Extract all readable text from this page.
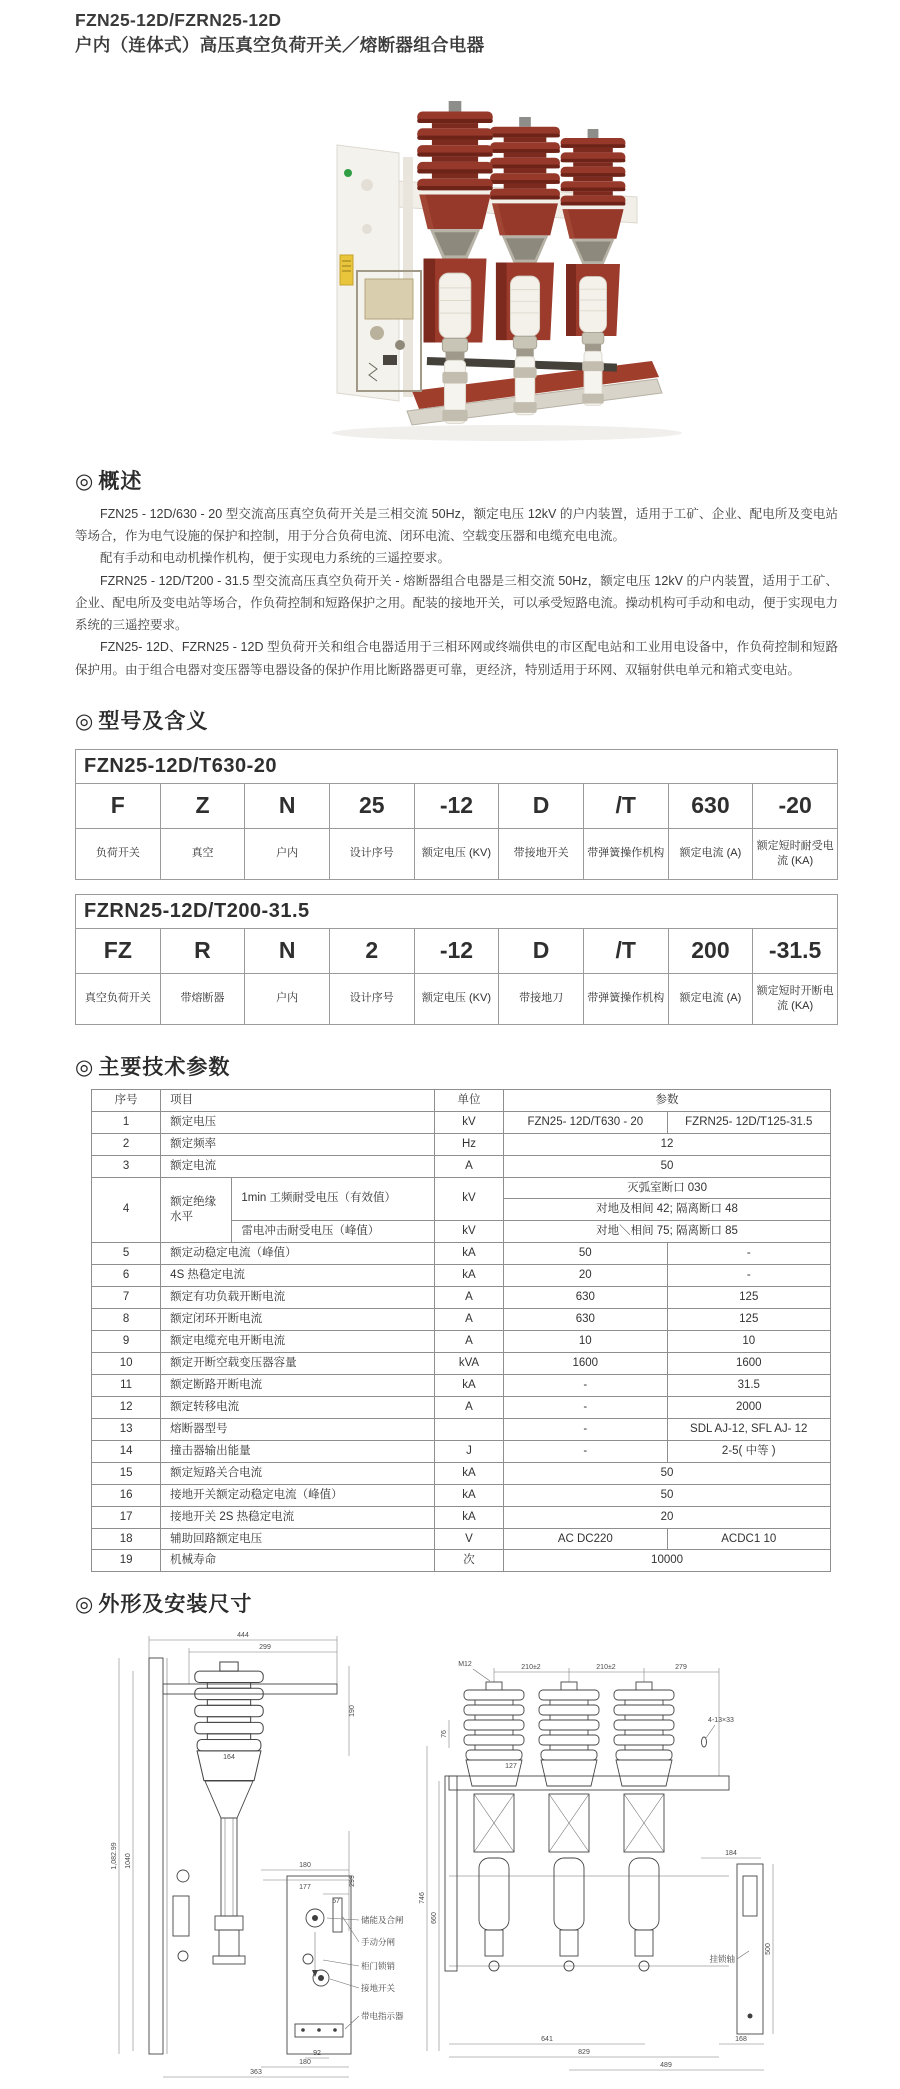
FZN25-12D/FZRN25-12D
户内（连体式）高压真空负荷开关／熔断器组合电器
◎ 概述

FZN25 - 12D/630 - 20 型交流高压真空负荷开关是三相交流 50Hz，额定电压 12kV 的户内装置，适用于工矿、企业、配电所及变电站等场合，作为电气设施的保护和控制，用于分合负荷电流、闭环电流、空载变压器和电缆充电电流。

配有手动和电动机操作机构，便于实现电力系统的三遥控要求。

FZRN25 - 12D/T200 - 31.5 型交流高压真空负荷开关 - 熔断器组合电器是三相交流 50Hz，额定电压 12kV 的户内装置，适用于工矿、企业、配电所及变电站等场合，作负荷控制和短路保护之用。配装的接地开关，可以承受短路电流。操动机构可手动和电动，便于实现电力系统的三遥控要求。

FZN25- 12D、FZRN25 - 12D 型负荷开关和组合电器适用于三相环网或终端供电的市区配电站和工业用电设备中，作负荷控制和短路保护用。由于组合电器对变压器等电器设备的保护作用比断路器更可靠，更经济，特别适用于环网、双辐射供电单元和箱式变电站。

◎ 型号及含义
FZN25-12D/T630-20								
F	Z	N	25	-12	D	/T	630	-20
负荷开关	真空	户内	设计序号	额定电压 (KV)	带接地开关	带弹簧操作机构	额定电流 (A)	额定短时耐受电流 (KA)
FZRN25-12D/T200-31.5								
FZ	R	N	2	-12	D	/T	200	-31.5
真空负荷开关	带熔断器	户内	设计序号	额定电压 (KV)	带接地刀	带弹簧操作机构	额定电流 (A)	额定短时开断电流 (KA)
◎ 主要技术参数
序号	项目		单位	参数	
1	额定电压		kV	FZN25- 12D/T630 - 20	FZRN25- 12D/T125-31.5
2	额定频率		Hz	12	
3	额定电流		A	50	
4	额定绝缘水平	1min 工频耐受电压（有效值）	kV	灭弧室断口 030	
				对地及相间 42; 隔离断口 48	
		雷电冲击耐受电压（峰值）	kV	对地＼相间 75; 隔离断口 85	
5	额定动稳定电流（峰值）		kA	50	-
6	4S 热稳定电流		kA	20	-
7	额定有功负载开断电流		A	630	125
8	额定闭环开断电流		A	630	125
9	额定电缆充电开断电流		A	10	10
10	额定开断空载变压器容量		kVA	1600	1600
11	额定断路开断电流		kA	-	31.5
12	额定转移电流		A	-	2000
13	熔断器型号			-	SDL AJ-12, SFL AJ- 12
14	撞击器输出能量		J	-	2-5( 中等 )
15	额定短路关合电流		kA	50	
16	接地开关额定动稳定电流（峰值）		kA	50	
17	接地开关 2S 热稳定电流		kA	20	
18	辅助回路额定电压		V	AC DC220	ACDC1 10
19	机械寿命		次	10000	
◎ 外形及安装尺寸
444
299
1,082.99 1040
190
299
164
180
177
57
92
180
363
储能及合闸
手动分闸
柜门锁销
接地开关
带电指示器
210±2	210±2	279
M12
127
746
660
76
4-13×33
184
500
挂锁轴
641	168
829
489
